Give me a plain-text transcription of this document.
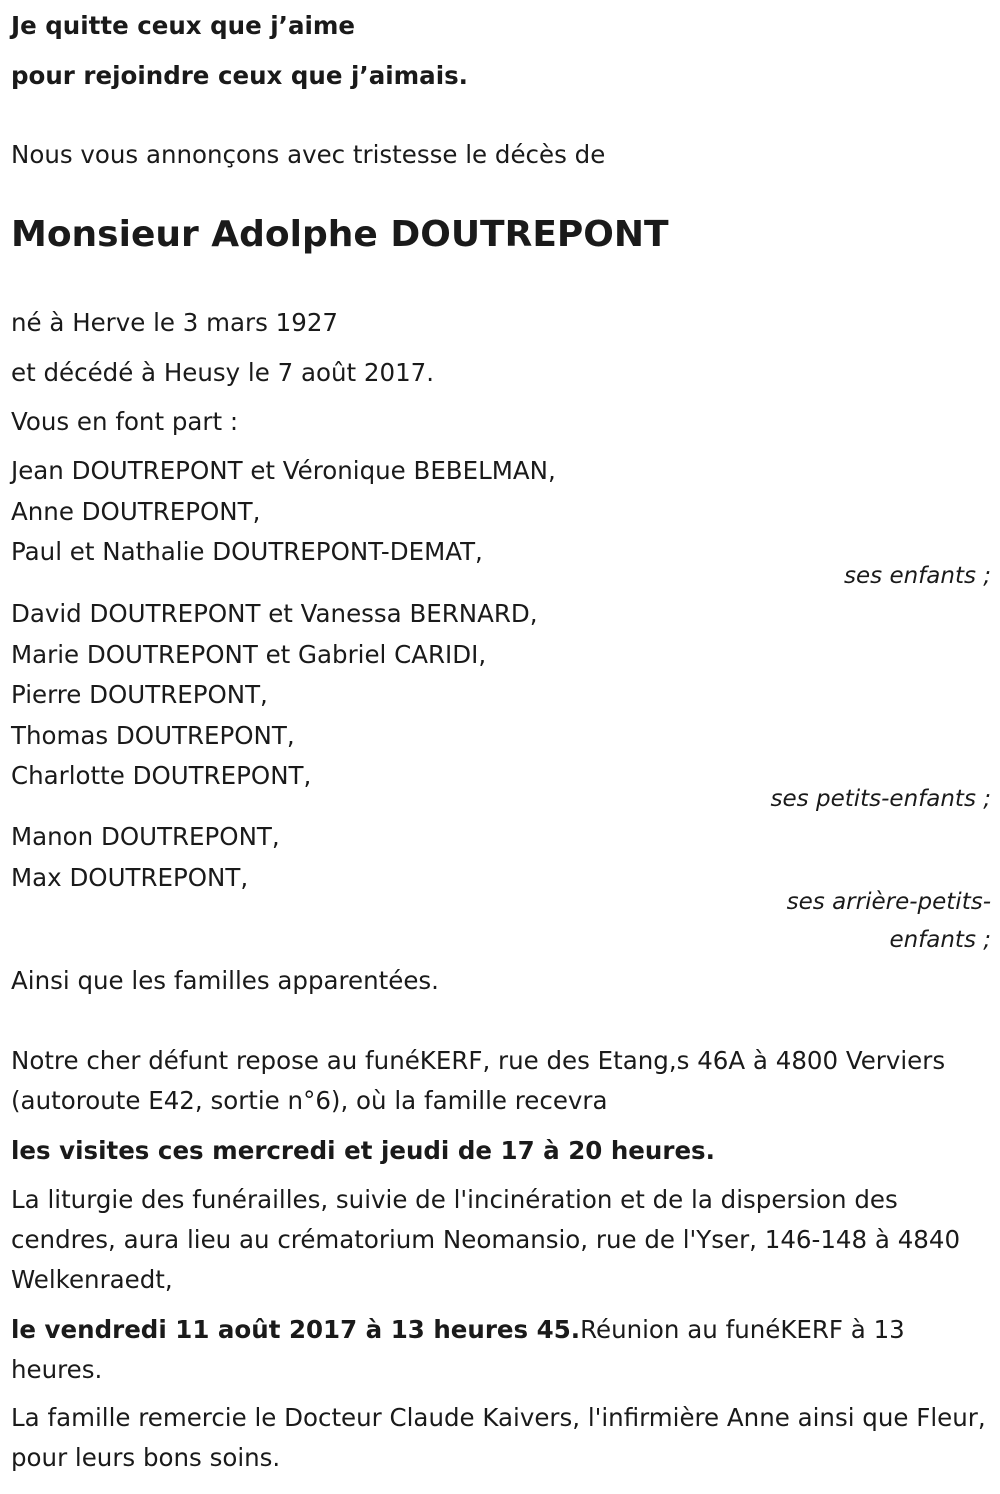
Je quitte ceux que j’aime
pour rejoindre ceux que j’aimais.
Nous vous annonçons avec tristesse le décès de
Monsieur Adolphe DOUTREPONT
né à Herve le 3 mars 1927
et décédé à Heusy le 7 août 2017.
Vous en font part :
Jean DOUTREPONT et Véronique BEBELMAN,
Anne DOUTREPONT,
Paul et Nathalie DOUTREPONT-DEMAT,
ses enfants ;
David DOUTREPONT et Vanessa BERNARD,
Marie DOUTREPONT et Gabriel CARIDI,
Pierre DOUTREPONT,
Thomas DOUTREPONT,
Charlotte DOUTREPONT,
ses petits-enfants ;
Manon DOUTREPONT,
Max DOUTREPONT,
ses arrière-petits-enfants ;
Ainsi que les familles apparentées.
Notre cher défunt repose au funéKERF, rue des Etang,s 46A à 4800 Verviers (autoroute E42, sortie n°6), où la famille recevra
les visites ces mercredi et jeudi de 17 à 20 heures.
La liturgie des funérailles, suivie de l'incinération et de la dispersion des cendres, aura lieu au crématorium Neomansio, rue de l'Yser, 146-148 à 4840 Welkenraedt,
le vendredi 11 août 2017 à 13 heures 45.Réunion au funéKERF à 13 heures.
La famille remercie le Docteur Claude Kaivers, l'infirmière Anne ainsi que Fleur, pour leurs bons soins.
